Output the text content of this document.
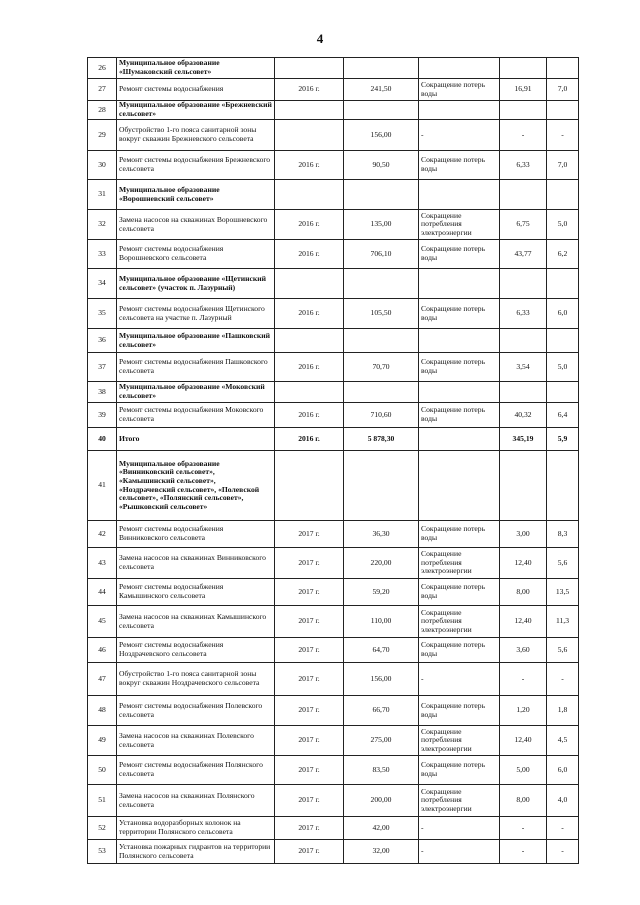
4
26	Муниципальное образование «Шумаковский сельсовет»					
27	Ремонт системы водоснабжения	2016 г.	241,50	Сокращение потерь воды	16,91	7,0
28	Муниципальное образование «Брежневский сельсовет»					
29	Обустройство 1-го пояса санитарной зоны вокруг скважин Брежневского сельсовета		156,00	-	-	-
30	Ремонт системы водоснабжения Брежневского сельсовета	2016 г.	90,50	Сокращение потерь воды	6,33	7,0
31	Муниципальное образование «Ворошневский сельсовет»					
32	Замена насосов на скважинах Ворошневского сельсовета	2016 г.	135,00	Сокращение потребления электроэнергии	6,75	5,0
33	Ремонт системы водоснабжения Ворошневского сельсовета	2016 г.	706,10	Сокращение потерь воды	43,77	6,2
34	Муниципальное образование «Щетинский сельсовет» (участок п. Лазурный)					
35	Ремонт системы водоснабжения Щетинского сельсовета на участке п. Лазурный	2016 г.	105,50	Сокращение потерь воды	6,33	6,0
36	Муниципальное образование «Пашковский сельсовет»					
37	Ремонт системы водоснабжения Пашковского сельсовета	2016 г.	70,70	Сокращение потерь воды	3,54	5,0
38	Муниципальное образование «Моковский сельсовет»					
39	Ремонт системы водоснабжения Моковского сельсовета	2016 г.	710,60	Сокращение потерь воды	40,32	6,4
40	Итого	2016 г.	5 878,30		345,19	5,9
41	Муниципальное образование «Винниковский сельсовет», «Камышинский сельсовет», «Ноздрачевский сельсовет», «Полевской сельсовет», «Полянский сельсовет», «Рышковский сельсовет»					
42	Ремонт системы водоснабжения Винниковского сельсовета	2017 г.	36,30	Сокращение потерь воды	3,00	8,3
43	Замена насосов на скважинах Винниковского сельсовета	2017 г.	220,00	Сокращение потребления электроэнергии	12,40	5,6
44	Ремонт системы водоснабжения Камышинского сельсовета	2017 г.	59,20	Сокращение потерь воды	8,00	13,5
45	Замена насосов на скважинах Камышинского сельсовета	2017 г.	110,00	Сокращение потребления электроэнергии	12,40	11,3
46	Ремонт системы водоснабжения Ноздрачевского сельсовета	2017 г.	64,70	Сокращение потерь воды	3,60	5,6
47	Обустройство 1-го пояса санитарной зоны вокруг скважин Ноздрачевского сельсовета	2017 г.	156,00	-	-	-
48	Ремонт системы водоснабжения Полевского сельсовета	2017 г.	66,70	Сокращение потерь воды	1,20	1,8
49	Замена насосов на скважинах Полевского сельсовета	2017 г.	275,00	Сокращение потребления электроэнергии	12,40	4,5
50	Ремонт системы водоснабжения Полянского сельсовета	2017 г.	83,50	Сокращение потерь воды	5,00	6,0
51	Замена насосов на скважинах Полянского сельсовета	2017 г.	200,00	Сокращение потребления электроэнергии	8,00	4,0
52	Установка водоразборных колонок на территории Полянского сельсовета	2017 г.	42,00	-	-	-
53	Установка пожарных гидрантов на территории Полянского сельсовета	2017 г.	32,00	-	-	-
